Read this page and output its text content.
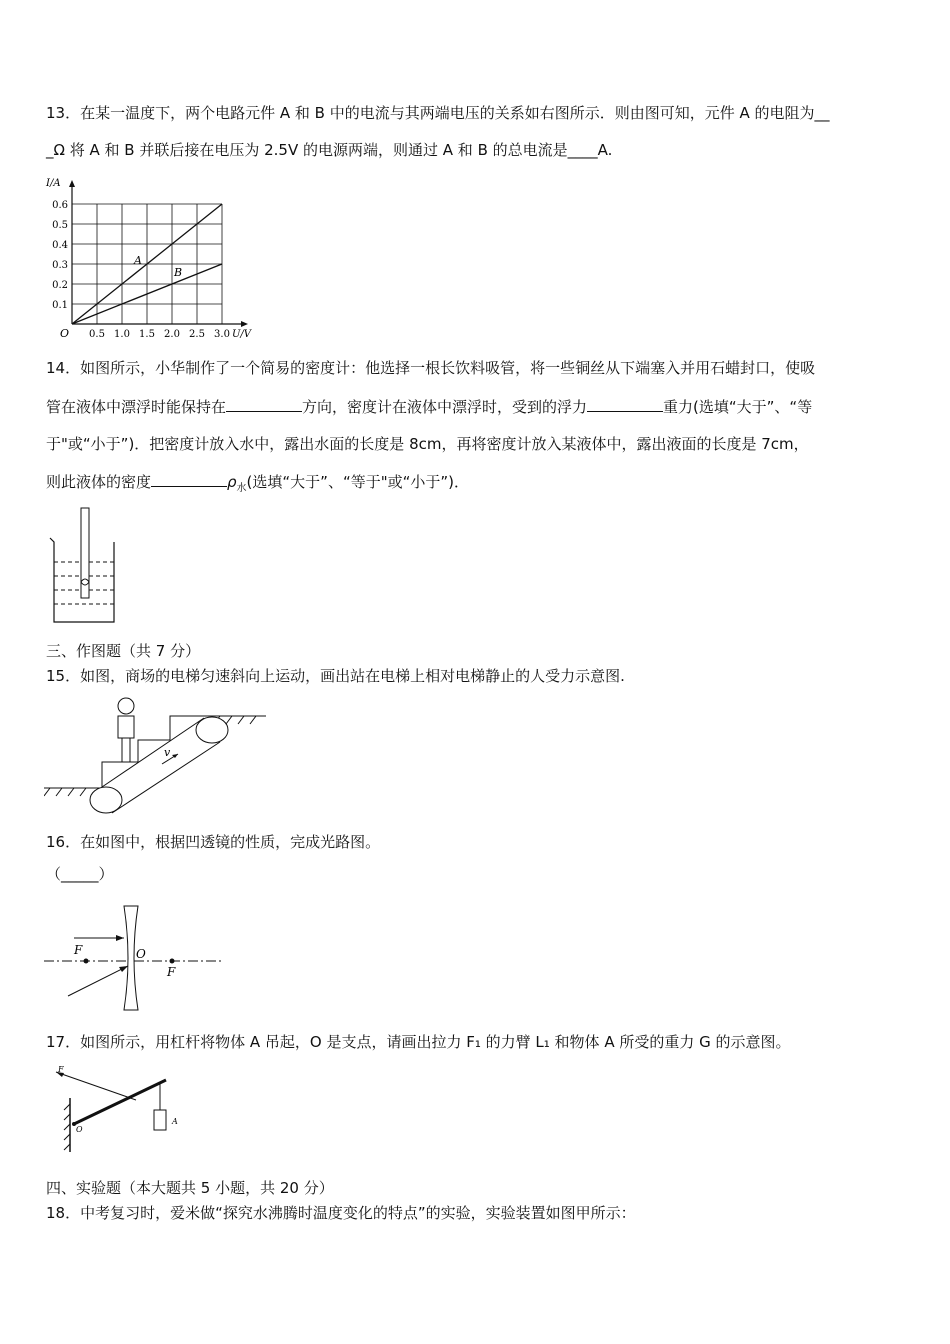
13．在某一温度下，两个电路元件 A 和 B 中的电流与其两端电压的关系如右图所示．则由图可知，元件 A 的电阻为__
_Ω 将 A 和 B 并联后接在电压为 2.5V 的电源两端，则通过 A 和 B 的总电流是____A.
A
B
0.5 1.0 1.5 2.0 2.5 3.0
0.1
0.2
0.3
0.4
0.5
0.6
O	U/V
I/A
14．如图所示，小华制作了一个简易的密度计：他选择一根长饮料吸管，将一些铜丝从下端塞入并用石蜡封口，使吸
管在液体中漂浮时能保持在	方向，密度计在液体中漂浮时，受到的浮力	重力(选填“大于”、“等
于"或“小于”)．把密度计放入水中，露出水面的长度是 8cm，再将密度计放入某液体中，露出液面的长度是 7cm，
则此液体的密度	$\rho_水$(选填“大于”、“等于"或“小于”)．
三、作图题（共 7 分）
15．如图，商场的电梯匀速斜向上运动，画出站在电梯上相对电梯静止的人受力示意图.
v
16．在如图中，根据凹透镜的性质，完成光路图。
（_____）
F	O
F
17．如图所示，用杠杆将物体 A 吊起，O 是支点，请画出拉力 F₁ 的力臂 L₁ 和物体 A 所受的重力 G 的示意图。
F
O
A
四、实验题（本大题共 5 小题，共 20 分）
18．中考复习时，爱米做“探究水沸腾时温度变化的特点”的实验，实验装置如图甲所示：
